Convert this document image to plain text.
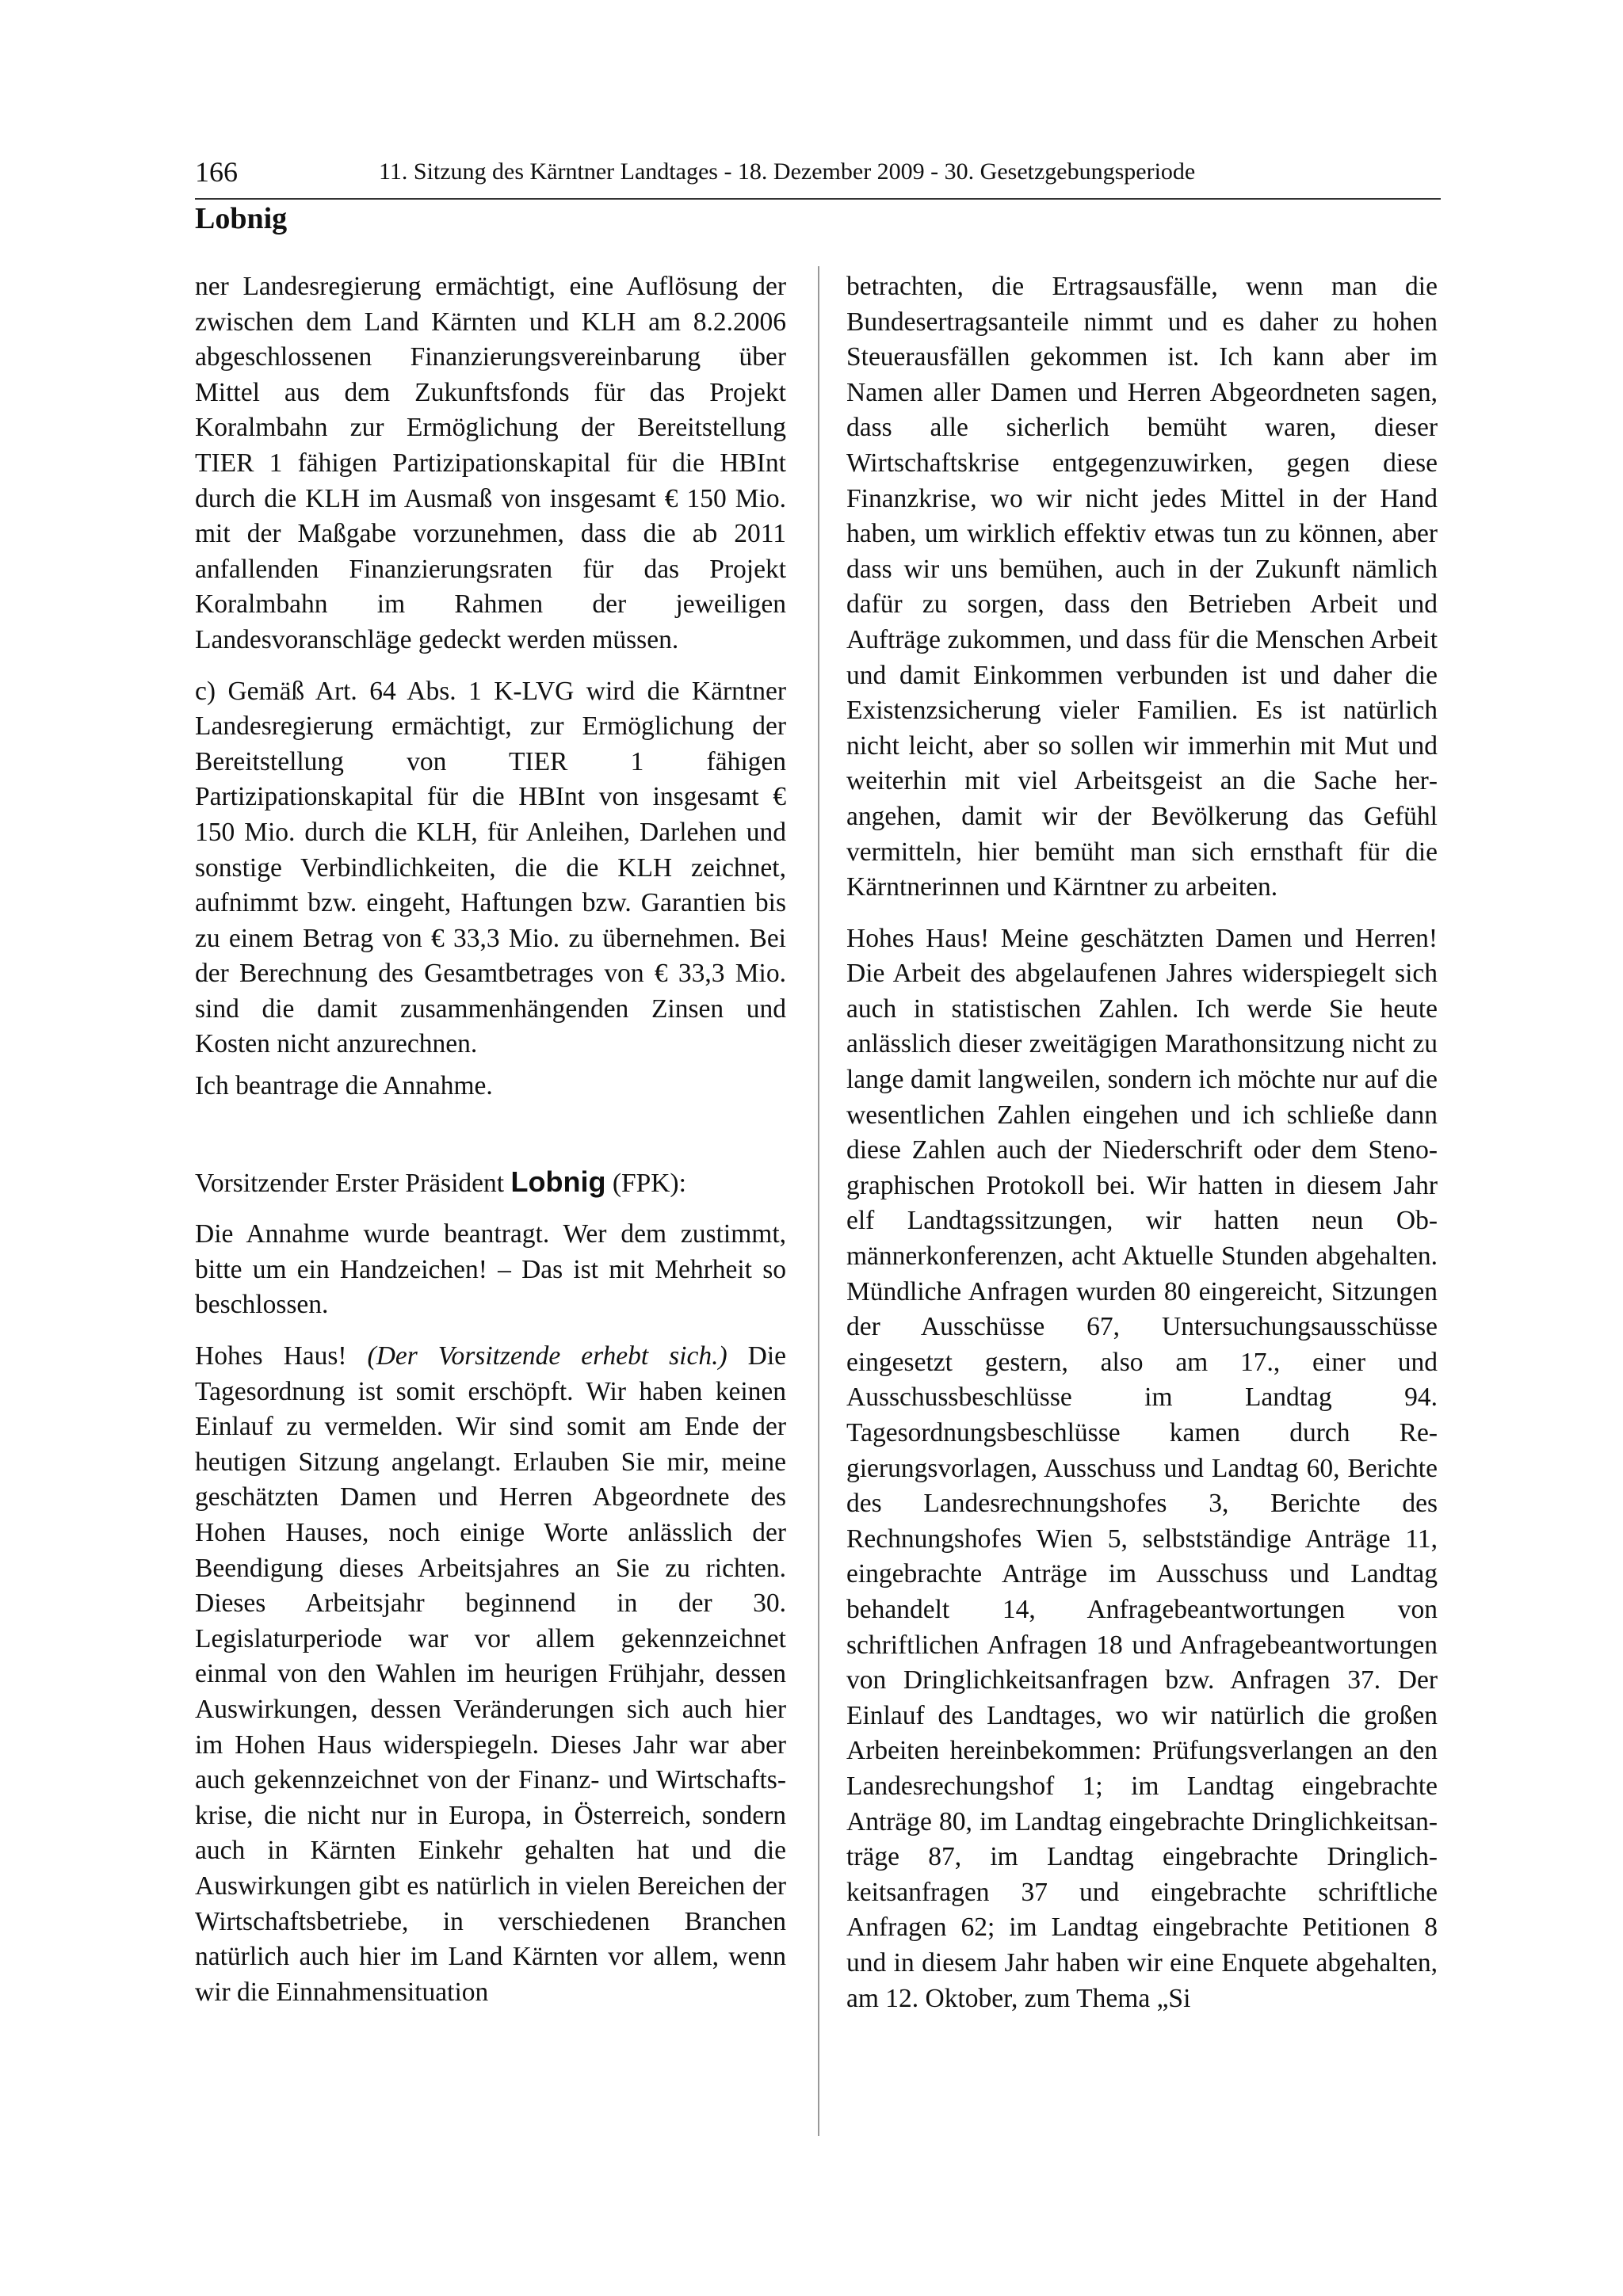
166	11. Sitzung des Kärntner Landtages - 18. Dezember 2009 - 30. Gesetzgebungsperiode
Lobnig

ner Landesregierung ermächtigt, eine Auflösung der zwischen dem Land Kärnten und KLH am 8.2.2006 abgeschlossenen Finanzierungsvereinbarung über Mittel aus dem Zukunftsfonds für das Projekt Koralmbahn zur Ermöglichung der Bereitstellung TIER 1 fähigen Partizipationskapital für die HBInt durch die KLH im Ausmaß von insgesamt € 150 Mio. mit der Maßgabe vorzunehmen, dass die ab 2011 anfallenden Finanzierungsraten für das Projekt Koralmbahn im Rahmen der jeweiligen Landesvoranschläge gedeckt werden müssen.

c) Gemäß Art. 64 Abs. 1 K-LVG wird die Kärntner Landesregierung ermächtigt, zur Ermöglichung der Bereitstellung von TIER 1 fähigen Partizipationskapital für die HBInt von insgesamt € 150 Mio. durch die KLH, für Anleihen, Darlehen und sonstige Verbindlichkeiten, die die KLH zeichnet, aufnimmt bzw. eingeht, Haftungen bzw. Garantien bis zu einem Betrag von € 33,3 Mio. zu übernehmen. Bei der Berechnung des Gesamtbetrages von € 33,3 Mio. sind die damit zusammenhängenden Zinsen und Kosten nicht anzurechnen.

Ich beantrage die Annahme.

Vorsitzender Erster Präsident Lobnig (FPK):

Die Annahme wurde beantragt. Wer dem zustimmt, bitte um ein Handzeichen! – Das ist mit Mehrheit so beschlossen.

Hohes Haus! (Der Vorsitzende erhebt sich.) Die Tagesordnung ist somit erschöpft. Wir haben keinen Einlauf zu vermelden. Wir sind somit am Ende der heutigen Sitzung angelangt. Erlauben Sie mir, meine geschätzten Damen und Herren Abgeordnete des Hohen Hauses, noch einige Worte anlässlich der Beendigung dieses Arbeitsjahres an Sie zu richten. Dieses Arbeitsjahr beginnend in der 30. Legislaturperiode war vor allem gekennzeichnet einmal von den Wahlen im heurigen Frühjahr, dessen Auswirkungen, dessen Veränderungen sich auch hier im Hohen Haus widerspiegeln. Dieses Jahr war aber auch gekennzeichnet von der Finanz- und Wirtschaftskrise, die nicht nur in Europa, in Österreich, sondern auch in Kärnten Einkehr gehalten hat und die Auswirkungen gibt es natürlich in vielen Bereichen der Wirtschaftsbetriebe, in verschiedenen Branchen natürlich auch hier im Land Kärnten vor allem, wenn wir die Einnahmensituation

betrachten, die Ertragsausfälle, wenn man die Bundesertragsanteile nimmt und es daher zu hohen Steuerausfällen gekommen ist. Ich kann aber im Namen aller Damen und Herren Abgeordneten sagen, dass alle sicherlich bemüht waren, dieser Wirtschaftskrise entgegenzuwirken, gegen diese Finanzkrise, wo wir nicht jedes Mittel in der Hand haben, um wirklich effektiv etwas tun zu können, aber dass wir uns bemühen, auch in der Zukunft nämlich dafür zu sorgen, dass den Betrieben Arbeit und Aufträge zukommen, und dass für die Menschen Arbeit und damit Einkommen verbunden ist und daher die Existenzsicherung vieler Familien. Es ist natürlich nicht leicht, aber so sollen wir immerhin mit Mut und weiterhin mit viel Arbeitsgeist an die Sache herangehen, damit wir der Bevölkerung das Gefühl vermitteln, hier bemüht man sich ernsthaft für die Kärntnerinnen und Kärntner zu arbeiten.

Hohes Haus! Meine geschätzten Damen und Herren! Die Arbeit des abgelaufenen Jahres widerspiegelt sich auch in statistischen Zahlen. Ich werde Sie heute anlässlich dieser zweitägigen Marathonsitzung nicht zu lange damit langweilen, sondern ich möchte nur auf die wesentlichen Zahlen eingehen und ich schließe dann diese Zahlen auch der Niederschrift oder dem Stenographischen Protokoll bei. Wir hatten in diesem Jahr elf Landtagssitzungen, wir hatten neun Obmännerkonferenzen, acht Aktuelle Stunden abgehalten. Mündliche Anfragen wurden 80 eingereicht, Sitzungen der Ausschüsse 67, Untersuchungsausschüsse eingesetzt gestern, also am 17., einer und Ausschussbeschlüsse im Landtag 94. Tagesordnungsbeschlüsse kamen durch Regierungsvorlagen, Ausschuss und Landtag 60, Berichte des Landesrechnungshofes 3, Berichte des Rechnungshofes Wien 5, selbstständige Anträge 11, eingebrachte Anträge im Ausschuss und Landtag behandelt 14, Anfragebeantwortungen von schriftlichen Anfragen 18 und Anfragebeantwortungen von Dringlichkeitsanfragen bzw. Anfragen 37. Der Einlauf des Landtages, wo wir natürlich die großen Arbeiten hereinbekommen: Prüfungsverlangen an den Landesrechungshof 1; im Landtag eingebrachte Anträge 80, im Landtag eingebrachte Dringlichkeitsanträge 87, im Landtag eingebrachte Dringlichkeitsanfragen 37 und eingebrachte schriftliche Anfragen 62; im Landtag eingebrachte Petitionen 8 und in diesem Jahr haben wir eine Enquete abgehalten, am 12. Oktober, zum Thema „Si
